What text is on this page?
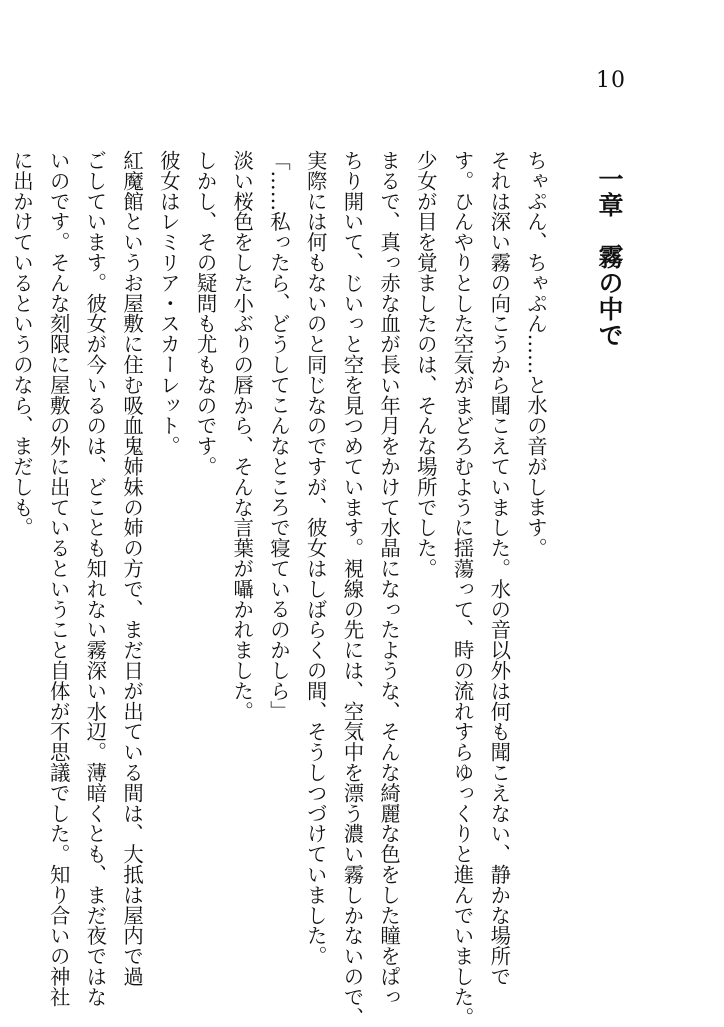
10
一章　霧の中で

ちゃぷん、ちゃぷん……と水の音がします。

それは深い霧の向こうから聞こえていました。水の音以外は何も聞こえない、静かな場所で

す。ひんやりとした空気がまどろむように揺蕩って、時の流れすらゆっくりと進んでいました。

少女が目を覚ましたのは、そんな場所でした。

まるで、真っ赤な血が長い年月をかけて水晶になったような、そんな綺麗な色をした瞳をぱっ

ちり開いて、じいっと空を見つめています。視線の先には、空気中を漂う濃い霧しかないので、

実際には何もないのと同じなのですが、彼女はしばらくの間、そうしつづけていました。

「……私ったら、どうしてこんなところで寝ているのかしら」

淡い桜色をした小ぶりの唇から、そんな言葉が囁かれました。

しかし、その疑問も尤もなのです。

彼女はレミリア・スカーレット。

紅魔館というお屋敷に住む吸血鬼姉妹の姉の方で、まだ日が出ている間は、大抵は屋内で過

ごしています。彼女が今いるのは、どことも知れない霧深い水辺。薄暗くとも、まだ夜ではな

いのです。そんな刻限に屋敷の外に出ているということ自体が不思議でした。知り合いの神社

に出かけているというのなら、まだしも。
